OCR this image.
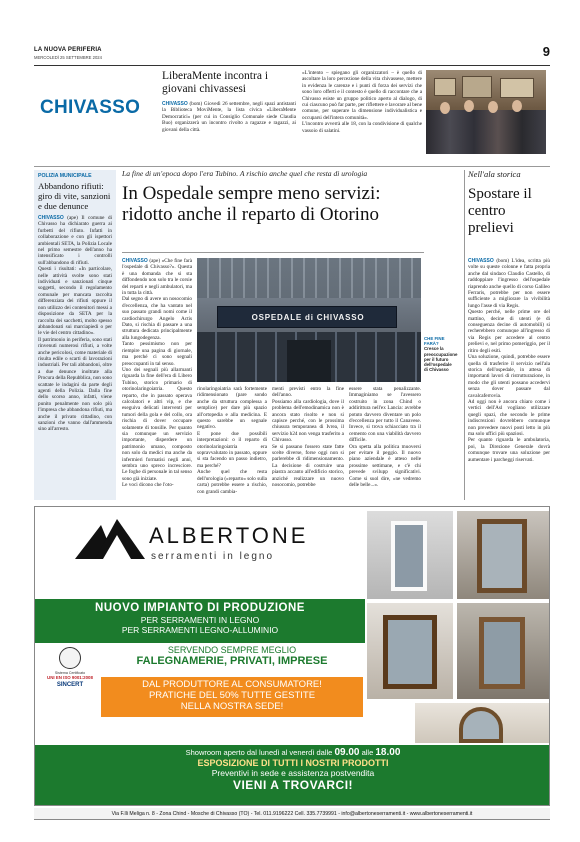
LA NUOVA PERIFERIA
MERCOLEDÌ 25 SETTEMBRE 2024	9
CHIVASSO
LiberaMente incontra i giovani chivassesi
CHIVASSO (bom) Giovedì 26 settembre, negli spazi antistanti la Biblioteca MoviMente, la lista civica «LiberaMente Democratici» (per cui in Consiglio Comunale siede Claudia Buo) organizzerà un incontro rivolto a ragazze e ragazzi, ai giovani della città.
«L'intento – spiegano gli organizzatori – è quello di ascoltare la loro percezione della vita chivassese, mettere in evidenza le carenze e i punti di forza dei servizi che sono loro offerti e il contesto è quello di raccontare che a Chivasso esiste un gruppo politico aperto al dialogo, di cui ciascuno può far parte, per riflettere e lavorare al bene comune, per superare la dimensione individualistica e occuparsi dell'intera comunità».
L'incontro avverrà alle 18, con la condivisione di qualche vassoio di salatini.
POLIZIA MUNICIPALE
Abbandono rifiuti: giro di vite, sanzioni e due denunce
CHIVASSO (ape) Il comune di Chivasso ha dichiarato guerra ai furbetti del rifiuto. Infatti in collaborazione e con gli ispettori ambientali SETA, la Polizia Locale nel primo semestre dell'anno ha intensificato i controlli sull'abbandono di rifiuti.
Questi i risultati: «In particolare, nelle attività svolte sono stati individuati e sanzionati cinque soggetti, secondo il regolamento comunale per mancata raccolta differenziata dei rifiuti oppure il non utilizzo dei contenitori messi a disposizione da SETA per la raccolta dei sacchetti, molto spesso abbandonati sui marciapiedi o per le vie del centro cittadino».
Il patrimonio in periferia, sono stati rinvenuti numerosi rifiuti, a volte anche pericolosi, come materiale di risulta edile o scarti di lavorazioni industriali. Per tali abbandoni, oltre a due denunce inoltrate alla Procura della Repubblica, non sono scattate le indagini da parte degli agenti della Polizia. Dalla fine dello scorso anno, infatti, viene punito penalmente non solo più l'impresa che abbandona rifiuti, ma anche il privato cittadino, con sanzioni che vanno dall'ammenda sino all'arresto.
La fine di un'epoca dopo l'era Tubino. A rischio anche quel che resta di urologia
In Ospedale sempre meno servizi: ridotto anche il reparto di Otorino
CHIVASSO (ape) «Che fine farà l'ospedale di Chivasso?». Questa è una domanda che si sta diffondendo non solo tra le corsie del reparti e negli ambulatori, ma in tutta la città.
Dal segno di avere un nosocomio d'eccellenza, che ha vantato nel suo passato grandi nomi come il cardiochirurgo Angelo Actis Dato, si rischia di passare a una struttura dedicata principalmente alla lungodegenza.
Tanto pessimismo non per riempire una pagina di giornale, ma perché ci sono segnali preoccupanti in tal senso.
Uno dei segnali più allarmanti riguarda la fine dell'era di Libero Tubino, storico primario di otorinolaringoiatria. Questo reparto, che in passato operava calcolatori e altri vip, e che eseguiva delicati interventi per tumori della gola e del collo, ora rischia di dover occupare solamente di tonsille. Per quanto sia comunque un servizio importante, disperdere un patrimonio umano, composto non solo da medici ma anche da infermieri formatisi negli anni, sembra uno spreco incresciore. Le foghe di personale in tal senso sono già iniziate.
Le voci dicono che l'oto-
OSPEDALE di CHIVASSO
CHE FINE FARÀ?
Cresce la preoccupazione per il futuro dell'ospedale di Chivasso
rinolaringoiatria sarà fortemente ridimensionato (pare sondo anche da struttura complessa a semplice) per dare più spazio all'ortopedia e alla medicina. E questo sarebbe un segnale negativo.
E pone due possibili interpretazioni: o il reparto di otorinolaringoiatria era sopravvalutato in passato, oppure si sta facendo un passo indietro, ma perché?
Anche quel che resta dell'urologia («reparto» solo sulla carta) potrebbe essere a rischio, con grandi cambia-
menti previsti entro la fine dell'anno.
Possiamo alla cardiologia, dove il problema dell'emodinamica non è ancora stato risolto e non si capisce perché, con le prossima chiusura temporanea di Ivrea, il servizio h24 non venga trasferito a Chivasso.
Se si passano fossero state fatte scelte diverse, forse oggi non si parlerebbe di ridimensionamento. La decisione di costruire una piastra accanto all'edificio storico, anziché realizzare un nuovo nosocomio, potrebbe
essere stata penalizzante. Immaginiamo se l'avessero costruito in zona Chind o addirittura nell'ex Lancia: avrebbe potuto davvero diventare un polo d'eccellenza per tutto il Canavese. Invece, si trova schiacciato tra il cemento con una viabilità davvero difficile.
Ora spetta alla politica muoversi per evitare il peggio. Il nuovo piano aziendale è atteso nelle prossime settimane, e c'è chi prevede svilupp significativi. Come si suol dire, «ne vedremo delle belle...».
Nell'ala storica
Spostare il centro prelievi
CHIVASSO (bom) L'idea, scritta più volte su queste colonne e fatta propria anche dal sindaco Claudio Castello, di raddoppiare l'ingresso dell'ospedale riaprendo anche quello di corso Galileo Ferraris, potrebbe per non essere sufficiente a migliorare la vivibilità lungo l'asse di via Regis.
Questo perché, nelle prime ore del mattino, decine di utenti (e di conseguenza decine di automobili) si recherebbero comunque all'ingresso di via Regis per accedere al centro prelievi e, nel primo pomeriggio, per il ritiro degli esiti.
Una soluzione, quindi, potrebbe essere quella di trasferire il servizio nell'ala storica dell'ospedale, in attesa di importanti lavori di ristrutturazione, in modo che gli utenti possano accedervi senza dover passare dal cavalcaferrovia.
Ad oggi non è ancora chiaro come i vertici dell'Asl vogliano utilizzare quegli spazi, che secondo le prime indiscrezioni dovrebbero comunque non prevedere nuovi posti letto in più ma solo uffici più spaziosi.
Per quanto riguarda le ambulatoria, poi, la Direzione Generale dovrà comunque trovare una soluzione per aumentare i parcheggi riservati.
ALBERTONE
serramenti in legno
NUOVO IMPIANTO DI PRODUZIONE
PER SERRAMENTI IN LEGNO
PER SERRAMENTI LEGNO-ALLUMINIO
Sistema Certificato
UNI EN ISO 9001:2008
SINCERT
SERVENDO SEMPRE MEGLIO
FALEGNAMERIE, PRIVATI, IMPRESE
DAL PRODUTTORE AL CONSUMATORE!
PRATICHE DEL 50% TUTTE GESTITE
NELLA NOSTRA SEDE!
Showroom aperto dal lunedì al venerdì dalle 09.00 alle 18.00
ESPOSIZIONE DI TUTTI I NOSTRI PRODOTTI
Preventivi in sede e assistenza postvendita
VIENI A TROVARCI!
Via F.lli Meliga n. 8 - Zona Chind - Mosche di Chivasso (TO) - Tel. 011.9196222 Cell. 335.7739991 - info@albertoneserramenti.it - www.albertoneserramenti.it
